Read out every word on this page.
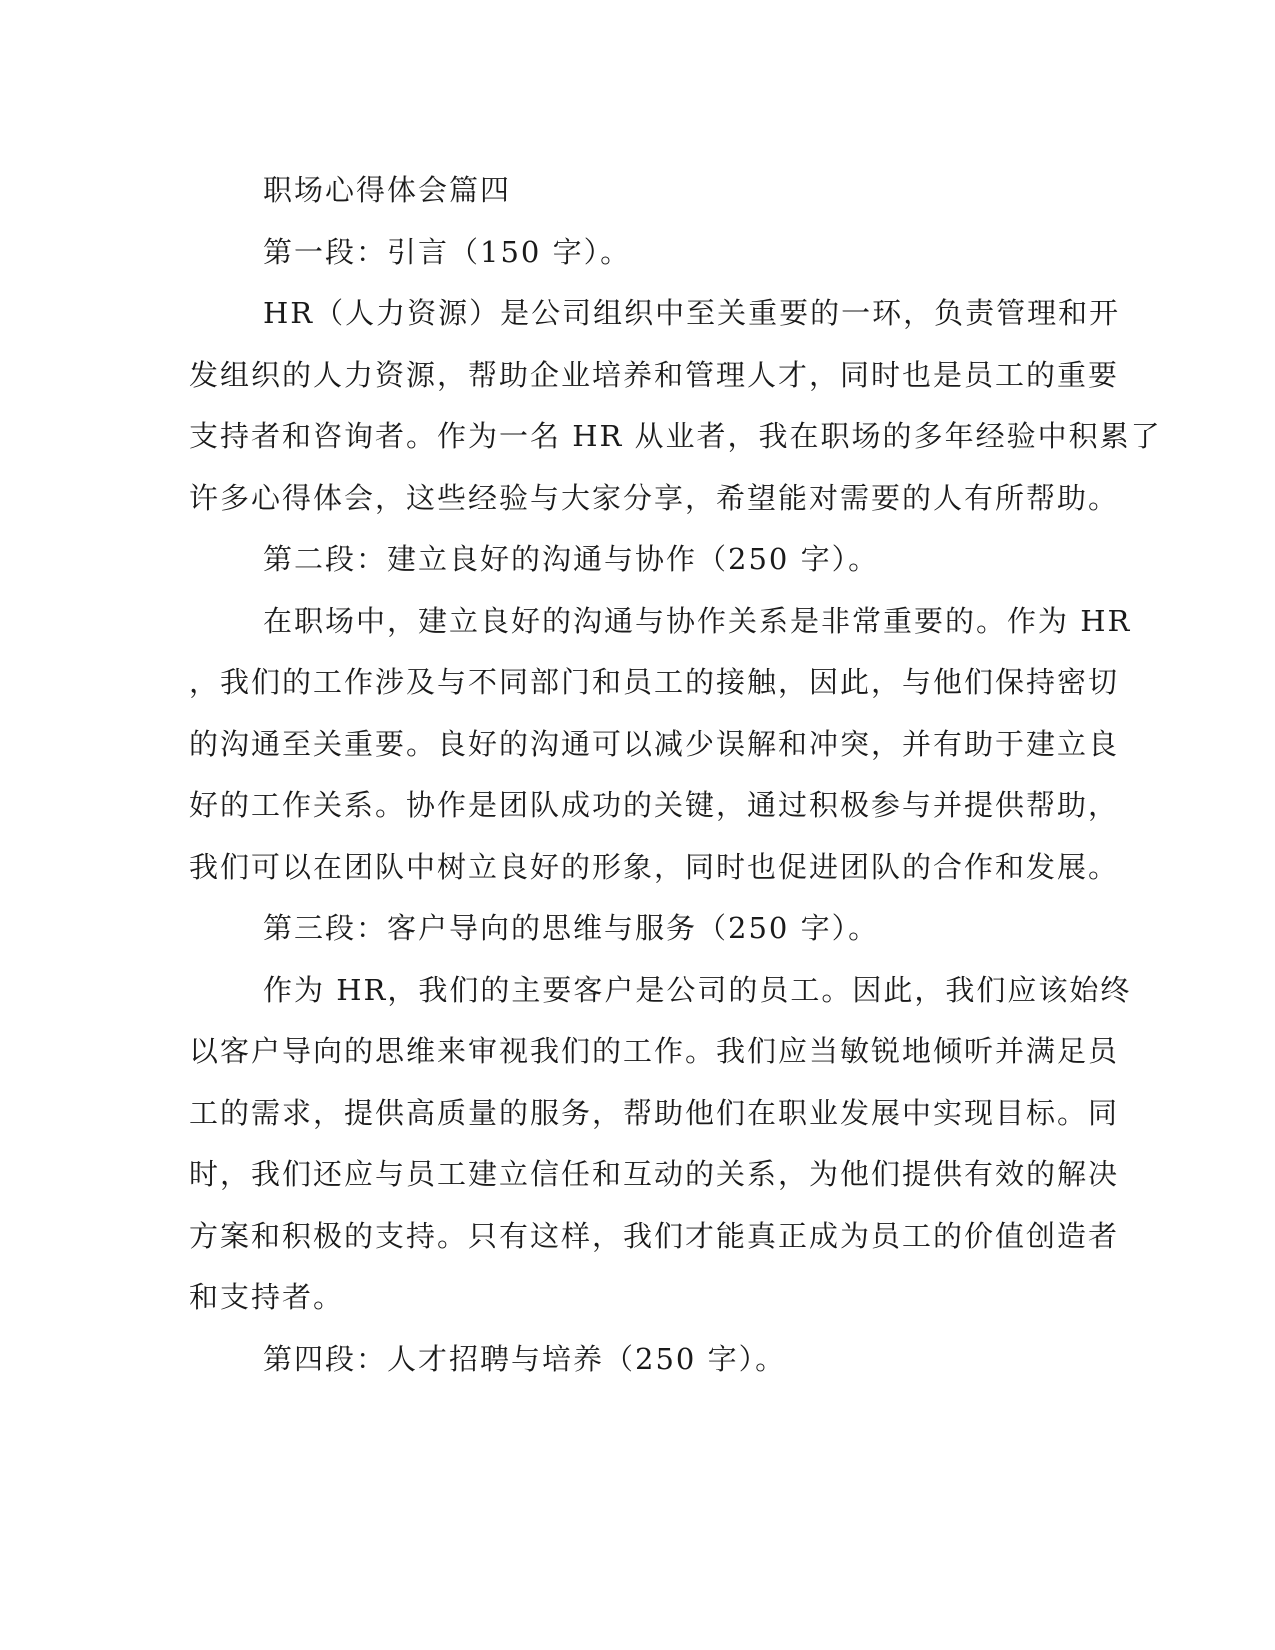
职场心得体会篇四
第一段：引言（150 字）。
HR（人力资源）是公司组织中至关重要的一环，负责管理和开
发组织的人力资源，帮助企业培养和管理人才，同时也是员工的重要
支持者和咨询者。作为一名 HR 从业者，我在职场的多年经验中积累了
许多心得体会，这些经验与大家分享，希望能对需要的人有所帮助。
第二段：建立良好的沟通与协作（250 字）。
在职场中，建立良好的沟通与协作关系是非常重要的。作为 HR
，我们的工作涉及与不同部门和员工的接触，因此，与他们保持密切
的沟通至关重要。良好的沟通可以减少误解和冲突，并有助于建立良
好的工作关系。协作是团队成功的关键，通过积极参与并提供帮助，
我们可以在团队中树立良好的形象，同时也促进团队的合作和发展。
第三段：客户导向的思维与服务（250 字）。
作为 HR，我们的主要客户是公司的员工。因此，我们应该始终
以客户导向的思维来审视我们的工作。我们应当敏锐地倾听并满足员
工的需求，提供高质量的服务，帮助他们在职业发展中实现目标。同
时，我们还应与员工建立信任和互动的关系，为他们提供有效的解决
方案和积极的支持。只有这样，我们才能真正成为员工的价值创造者
和支持者。
第四段：人才招聘与培养（250 字）。
